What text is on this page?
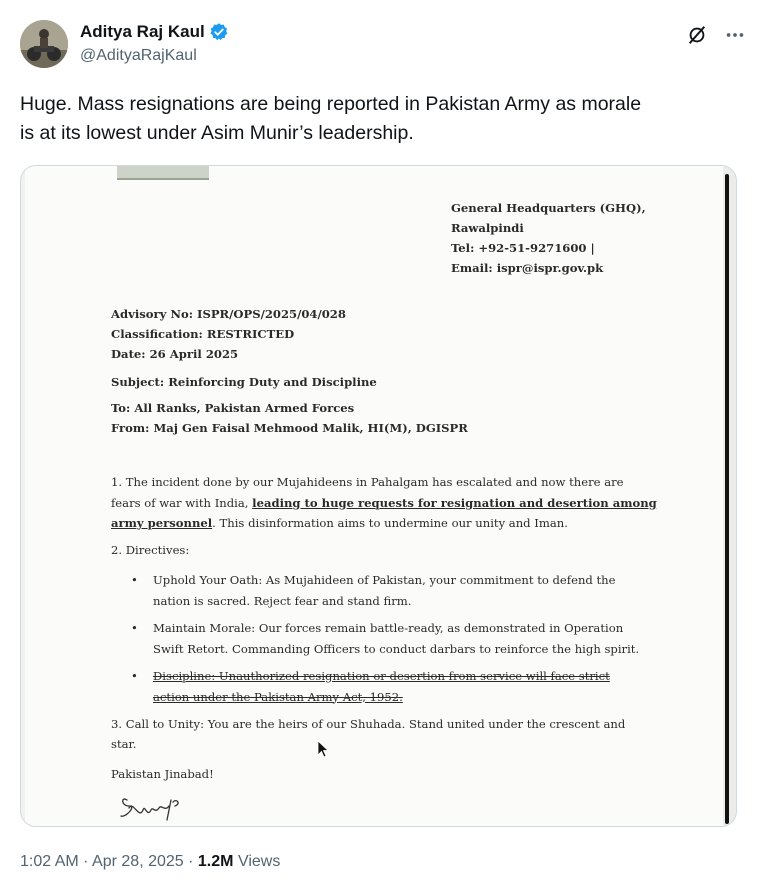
Aditya Raj Kaul
@AdityaRajKaul
Huge. Mass resignations are being reported in Pakistan Army as morale
is at its lowest under Asim Munir’s leadership.
General Headquarters (GHQ),
Rawalpindi
Tel: +92-51-9271600 |
Email: ispr@ispr.gov.pk
Advisory No: ISPR/OPS/2025/04/028
Classification: RESTRICTED
Date: 26 April 2025
Subject: Reinforcing Duty and Discipline
To: All Ranks, Pakistan Armed Forces
From: Maj Gen Faisal Mehmood Malik, HI(M), DGISPR
1. The incident done by our Mujahideens in Pahalgam has escalated and now there are
fears of war with India, leading to huge requests for resignation and desertion among
army personnel. This disinformation aims to undermine our unity and Iman.
2. Directives:
• Uphold Your Oath: As Mujahideen of Pakistan, your commitment to defend the
nation is sacred. Reject fear and stand firm.
• Maintain Morale: Our forces remain battle-ready, as demonstrated in Operation
Swift Retort. Commanding Officers to conduct darbars to reinforce the high spirit.
• Discipline: Unauthorized resignation or desertion from service will face strict
action under the Pakistan Army Act, 1952.
3. Call to Unity: You are the heirs of our Shuhada. Stand united under the crescent and
star.
Pakistan Jinabad!
1:02 AM · Apr 28, 2025 · 1.2M Views
